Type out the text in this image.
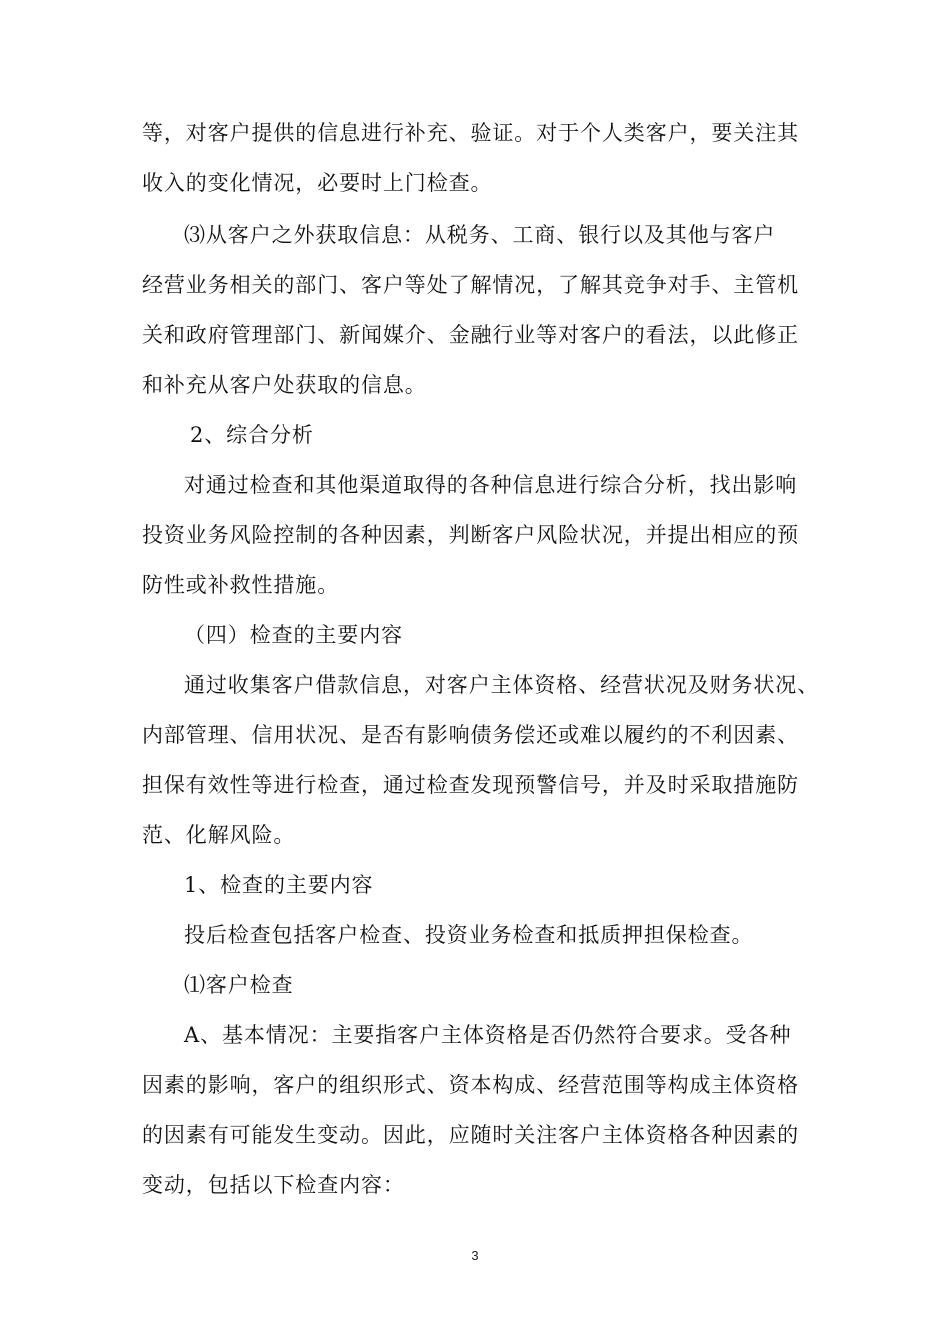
等，对客户提供的信息进行补充、验证。对于个人类客户，要关注其
收入的变化情况，必要时上门检查。
⑶从客户之外获取信息：从税务、工商、银行以及其他与客户
经营业务相关的部门、客户等处了解情况，了解其竞争对手、主管机
关和政府管理部门、新闻媒介、金融行业等对客户的看法，以此修正
和补充从客户处获取的信息。
2、综合分析
对通过检查和其他渠道取得的各种信息进行综合分析，找出影响
投资业务风险控制的各种因素，判断客户风险状况，并提出相应的预
防性或补救性措施。
（四）检查的主要内容
通过收集客户借款信息，对客户主体资格、经营状况及财务状况、
内部管理、信用状况、是否有影响债务偿还或难以履约的不利因素、
担保有效性等进行检查，通过检查发现预警信号，并及时采取措施防
范、化解风险。
1、检查的主要内容
投后检查包括客户检查、投资业务检查和抵质押担保检查。
⑴客户检查
A、基本情况：主要指客户主体资格是否仍然符合要求。受各种
因素的影响，客户的组织形式、资本构成、经营范围等构成主体资格
的因素有可能发生变动。因此，应随时关注客户主体资格各种因素的
变动，包括以下检查内容：
3
